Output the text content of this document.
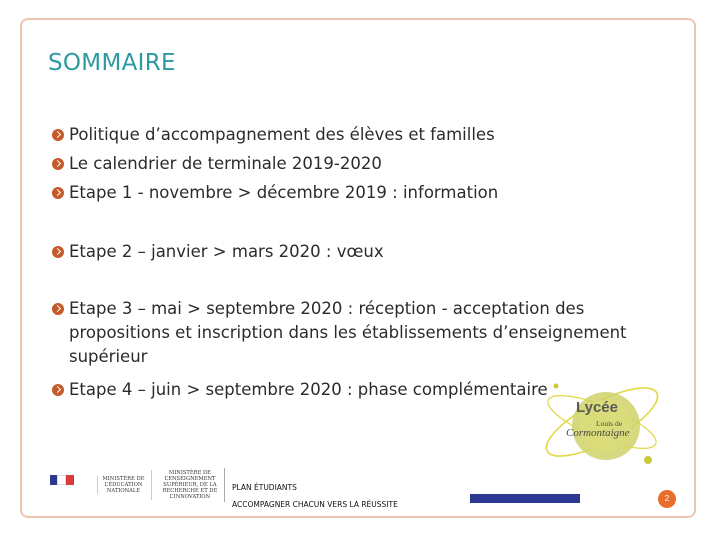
SOMMAIRE
Politique d’accompagnement des élèves et familles
Le calendrier de terminale 2019-2020
Etape 1 - novembre > décembre 2019 : information
Etape 2 – janvier > mars 2020 : vœux
Etape 3 – mai > septembre 2020 : réception - acceptation des propositions et inscription dans les établissements d’enseignement supérieur
Etape 4 – juin > septembre 2020 : phase complémentaire
Lycée
Louis de
Cormontaigne
MINISTÈRE DE L’ÉDUCATION NATIONALE
MINISTÈRE DE L’ENSEIGNEMENT SUPÉRIEUR, DE LA RECHERCHE ET DE L’INNOVATION
PLAN ÉTUDIANTS
ACCOMPAGNER CHACUN VERS LA RÉUSSITE
2
